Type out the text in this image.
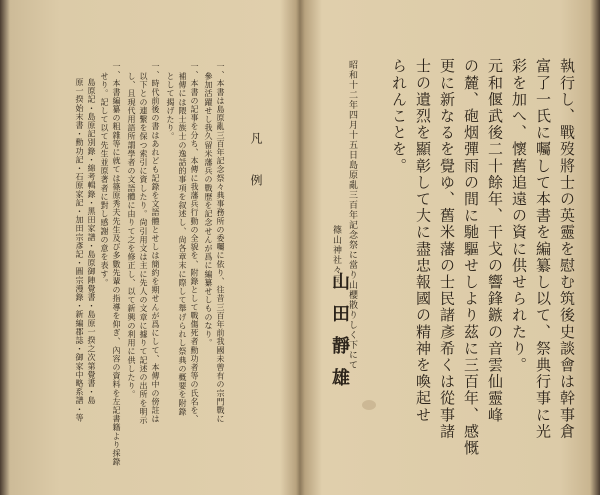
執行し、戰歿將士の英靈を慰む筑後史談會は幹事倉

富了一氏に囑して本書を編纂し以て、祭典行事に光

彩を加へ、懷舊追遠の資に供せられたり。

元和偃武後二十餘年、干戈の響鋒鏃の音雲仙靈峰

の麓、砲烟彈雨の間に馳驅せしより茲に三百年、感慨

更に新なるを覺ゆ、舊米藩の士民諸彥希くは從事諸

士の遺烈を顯彰して大に盡忠報國の精神を喚起せ

られんことを。

昭和十二年四月十五日島原亂三百年記念祭に當り山櫻散りしく下にて

篠山神社々司

山田靜雄

凡例

一、本書は島原亂三百年記念祭々典事務所の委囑に依り、往昔三百年前我國未曾有の宗門戰に

參加活躍せし我久留米藩兵の戰歷を記念せんが爲に編纂せしものなり。

一、本書の記事を分ち、本傳に我藩兵行動の全貌を、附錄として戰傷死者勳功者等の氏名を、

補傳には隈士族士の逸話的事項を叙述し、尙各章末に際して舉げられし祭典の概要を附錄

として揭げたり。

一、時代前後の書はあれども記錄を文語體とせしは簡約を期せんが爲にして、本傳中の傍註は

以下との連繫を保つ索引に資したり。尙引用文は主に先人の文章に據りて記述の出所を明示

し、且現代用語所謂學者の文語體に由りて之を修正し、以て新興の利用に供したり。

一、本書編纂の粗雜等に就ては篠原秀夫先生及び多數先輩の指導を仰ぎ、內容の資料を左記書籍より採錄

せり。記して以て先生並原著者に對し感謝の意を表す。

島原記・島原記別錄・綿考輯錄・黑田家譜・島原御陣覺書・島原一揆之次第覺書・島

原一揆始末書・勳功記・石原家記・加田宗彥記・圓宗漫錄・新編郡誌・御家中略系譜・等
